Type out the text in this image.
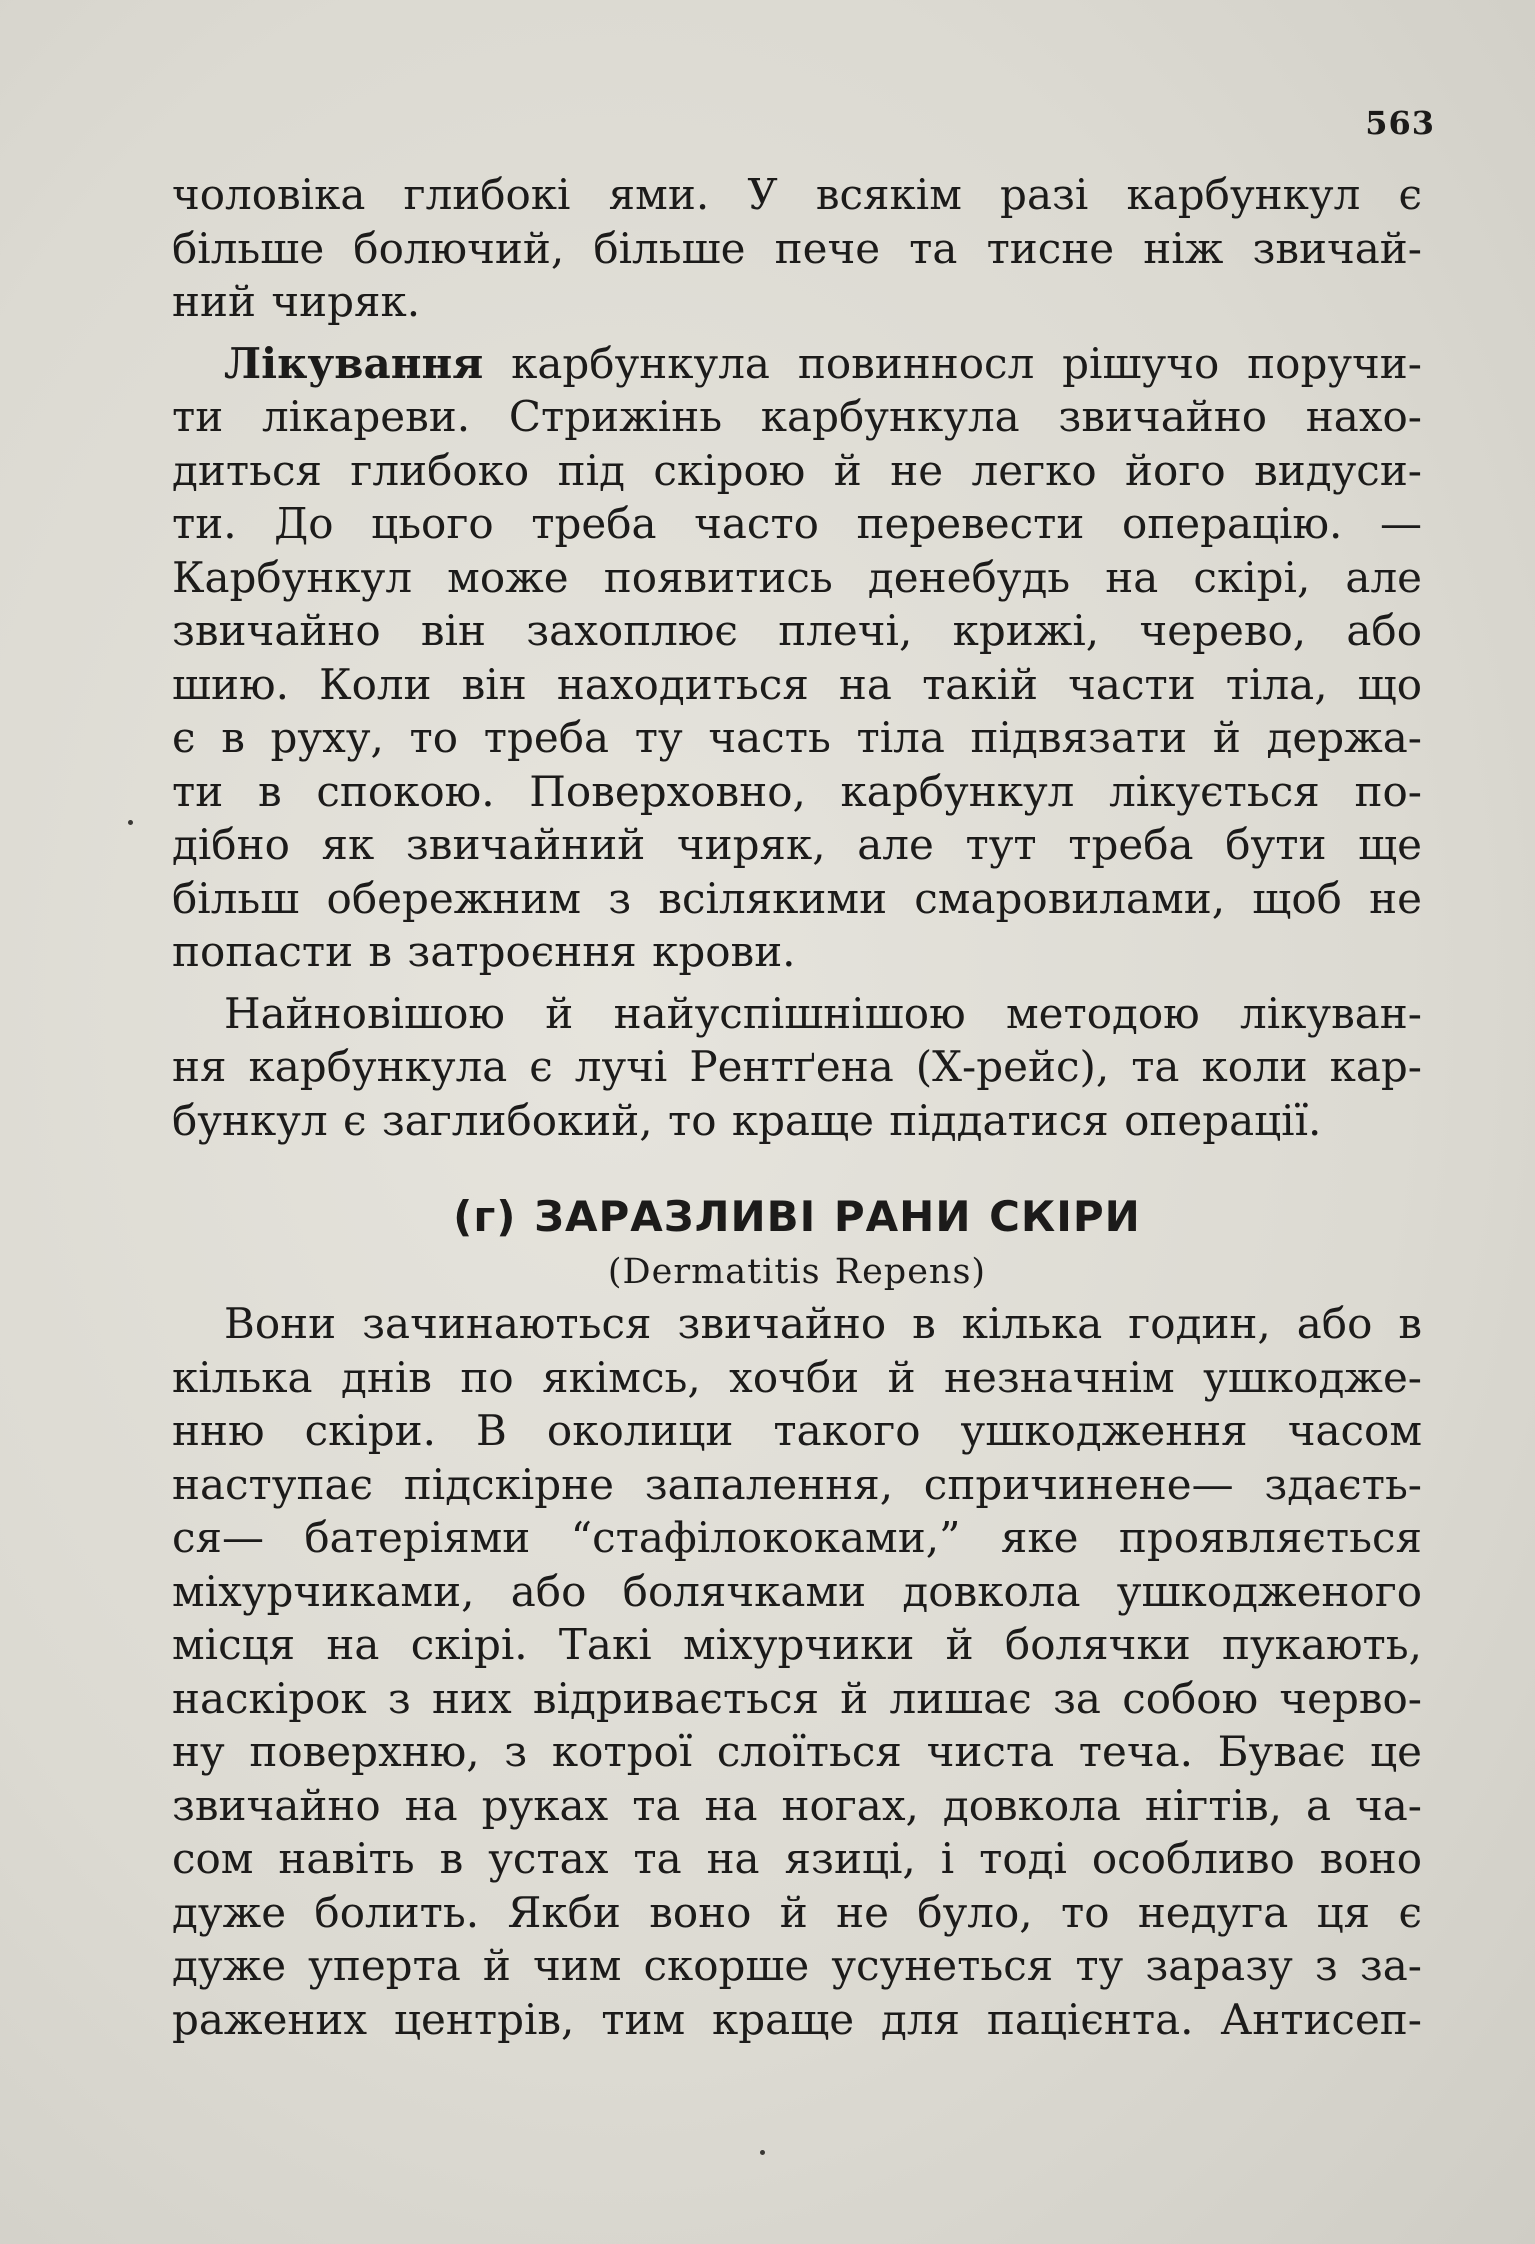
563
чоловіка глибокі ями. У всякім разі карбункул є
більше болючий, більше пече та тисне ніж звичай-
ний чиряк.
Лікування карбункула повинносл рішучо поручи-
ти лікареви. Стрижінь карбункула звичайно нахо-
диться глибоко під скірою й не легко його видуси-
ти. До цього треба часто перевести операцію. —
Карбункул може появитись денебудь на скірі, але
звичайно він захоплює плечі, крижі, черево, або
шию. Коли він находиться на такій части тіла, що
є в руху, то треба ту часть тіла підвязати й держа-
ти в спокою. Поверховно, карбункул лікується по-
дібно як звичайний чиряк, але тут треба бути ще
більш обережним з всілякими смаровилами, щоб не
попасти в затроєння крови.
Найновішою й найуспішнішою методою лікуван-
ня карбункула є лучі Рентґена (Х-рейс), та коли кар-
бункул є заглибокий, то краще піддатися операції.
(г) ЗАРАЗЛИВІ РАНИ СКІРИ
(Dermatitis Repens)
Вони зачинаються звичайно в кілька годин, або в
кілька днів по якімсь, хочби й незначнім ушкодже-
нню скіри. В околици такого ушкодження часом
наступає підскірне запалення, спричинене— здаєть-
ся— батеріями “стафілококами,” яке проявляється
міхурчиками, або болячками довкола ушкодженого
місця на скірі. Такі міхурчики й болячки пукають,
наскірок з них відривається й лишає за собою червo-
ну поверхню, з котрої слоїться чиста теча. Буває це
звичайно на руках та на ногах, довкола нігтів, а ча-
сом навіть в устах та на язиці, і тоді особливо воно
дуже болить. Якби воно й не було, то недуга ця є
дуже уперта й чим скорше усунеться ту заразу з за-
ражених центрів, тим краще для пацієнта. Антисеп-
